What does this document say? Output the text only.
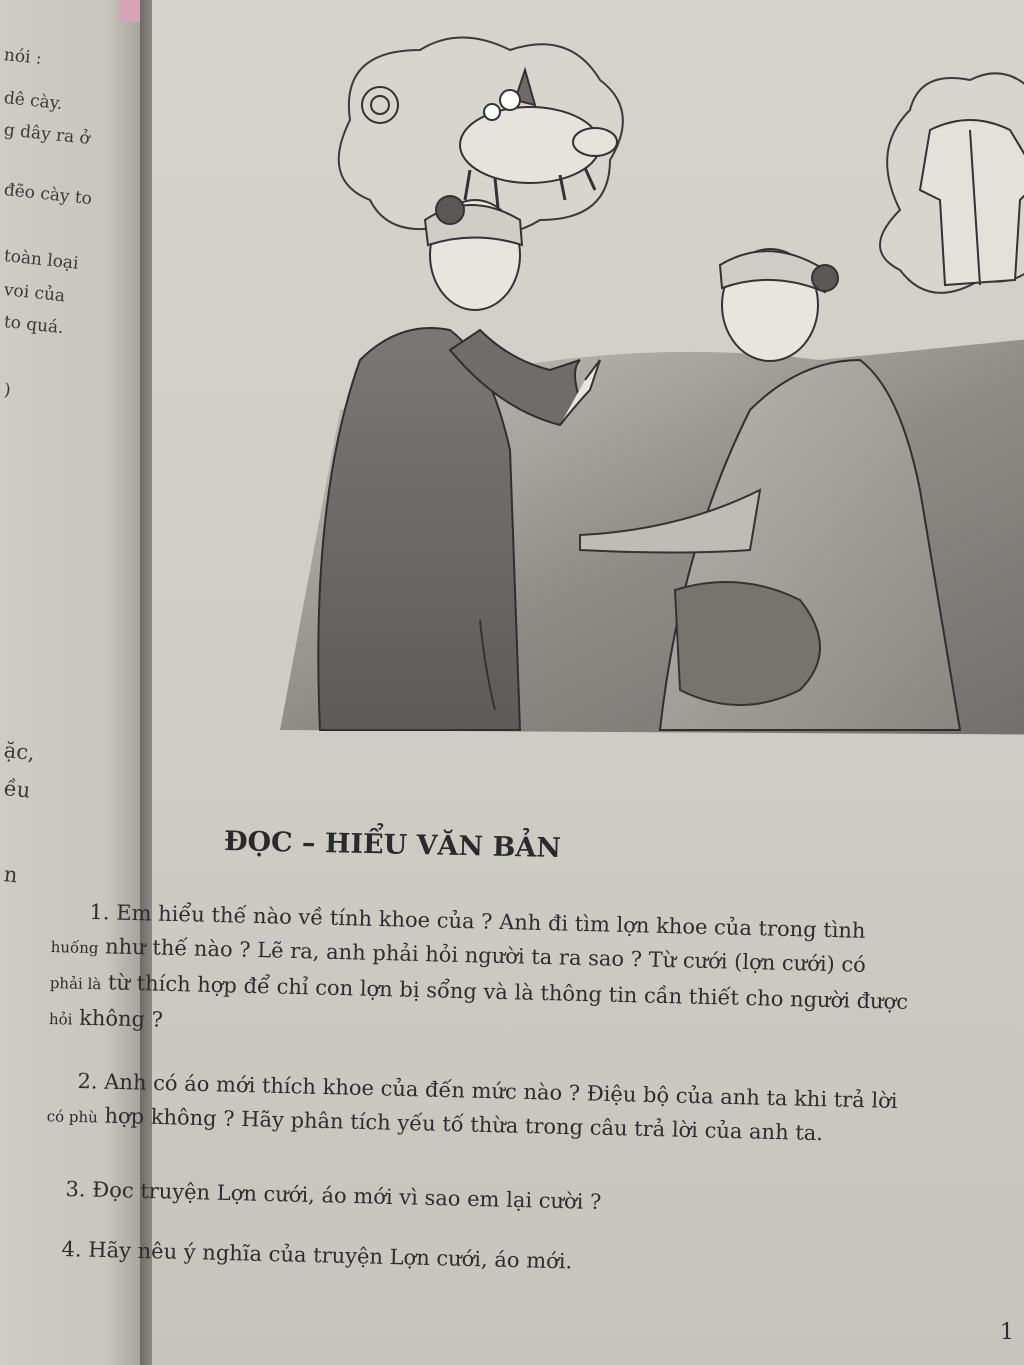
nói :
dê cày.
g dây ra ở
đẽo cày to
toàn loại
voi của
to quá.
)
ặc,
ều
n
ĐỌC – HIỂU VĂN BẢN
1. Em hiểu thế nào về tính khoe của ? Anh đi tìm lợn khoe của trong tình
huống như thế nào ? Lẽ ra, anh phải hỏi người ta ra sao ? Từ cưới (lợn cưới) có
phải là từ thích hợp để chỉ con lợn bị sổng và là thông tin cần thiết cho người được
hỏi không ?
2. Anh có áo mới thích khoe của đến mức nào ? Điệu bộ của anh ta khi trả lời
có phù hợp không ? Hãy phân tích yếu tố thừa trong câu trả lời của anh ta.
3. Đọc truyện Lợn cưới, áo mới vì sao em lại cười ?
4. Hãy nêu ý nghĩa của truyện Lợn cưới, áo mới.
1
